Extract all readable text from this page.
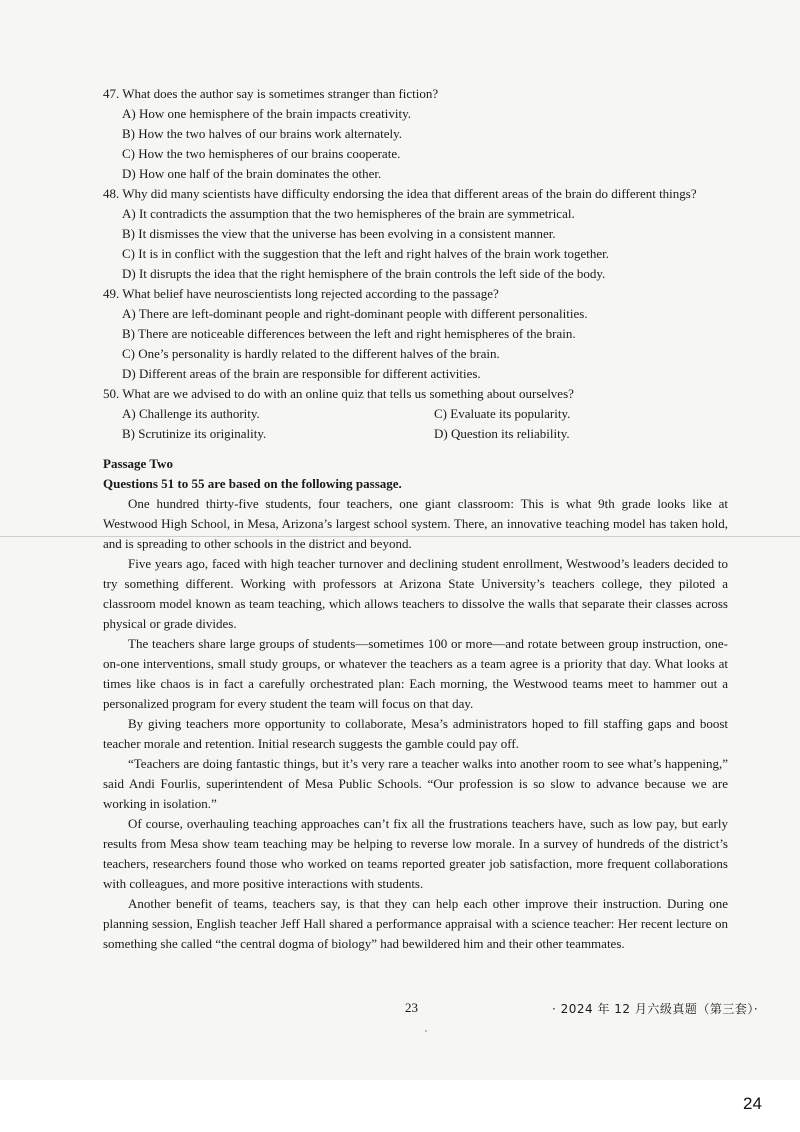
47. What does the author say is sometimes stranger than fiction?

A) How one hemisphere of the brain impacts creativity.

B) How the two halves of our brains work alternately.

C) How the two hemispheres of our brains cooperate.

D) How one half of the brain dominates the other.

48. Why did many scientists have difficulty endorsing the idea that different areas of the brain do different things?

A) It contradicts the assumption that the two hemispheres of the brain are symmetrical.

B) It dismisses the view that the universe has been evolving in a consistent manner.

C) It is in conflict with the suggestion that the left and right halves of the brain work together.

D) It disrupts the idea that the right hemisphere of the brain controls the left side of the body.

49. What belief have neuroscientists long rejected according to the passage?

A) There are left-dominant people and right-dominant people with different personalities.

B) There are noticeable differences between the left and right hemispheres of the brain.

C) One’s personality is hardly related to the different halves of the brain.

D) Different areas of the brain are responsible for different activities.

50. What are we advised to do with an online quiz that tells us something about ourselves?

A) Challenge its authority.	C) Evaluate its popularity.
B) Scrutinize its originality.	D) Question its reliability.
Passage Two
Questions 51 to 55 are based on the following passage.

One hundred thirty-five students, four teachers, one giant classroom: This is what 9th grade looks like at Westwood High School, in Mesa, Arizona’s largest school system. There, an innovative teaching model has taken hold, and is spreading to other schools in the district and beyond.

Five years ago, faced with high teacher turnover and declining student enrollment, Westwood’s leaders decided to try something different. Working with professors at Arizona State University’s teachers college, they piloted a classroom model known as team teaching, which allows teachers to dissolve the walls that separate their classes across physical or grade divides.

The teachers share large groups of students—sometimes 100 or more—and rotate between group instruction, one-on-one interventions, small study groups, or whatever the teachers as a team agree is a priority that day. What looks at times like chaos is in fact a carefully orchestrated plan: Each morning, the Westwood teams meet to hammer out a personalized program for every student the team will focus on that day.

By giving teachers more opportunity to collaborate, Mesa’s administrators hoped to fill staffing gaps and boost teacher morale and retention. Initial research suggests the gamble could pay off.

“Teachers are doing fantastic things, but it’s very rare a teacher walks into another room to see what’s happening,” said Andi Fourlis, superintendent of Mesa Public Schools. “Our profession is so slow to advance because we are working in isolation.”

Of course, overhauling teaching approaches can’t fix all the frustrations teachers have, such as low pay, but early results from Mesa show team teaching may be helping to reverse low morale. In a survey of hundreds of the district’s teachers, researchers found those who worked on teams reported greater job satisfaction, more frequent collaborations with colleagues, and more positive interactions with students.

Another benefit of teams, teachers say, is that they can help each other improve their instruction. During one planning session, English teacher Jeff Hall shared a performance appraisal with a science teacher: Her recent lecture on something she called “the central dogma of biology” had bewildered him and their other teammates.

23	· 2024 年 12 月六级真题（第三套）·
24
